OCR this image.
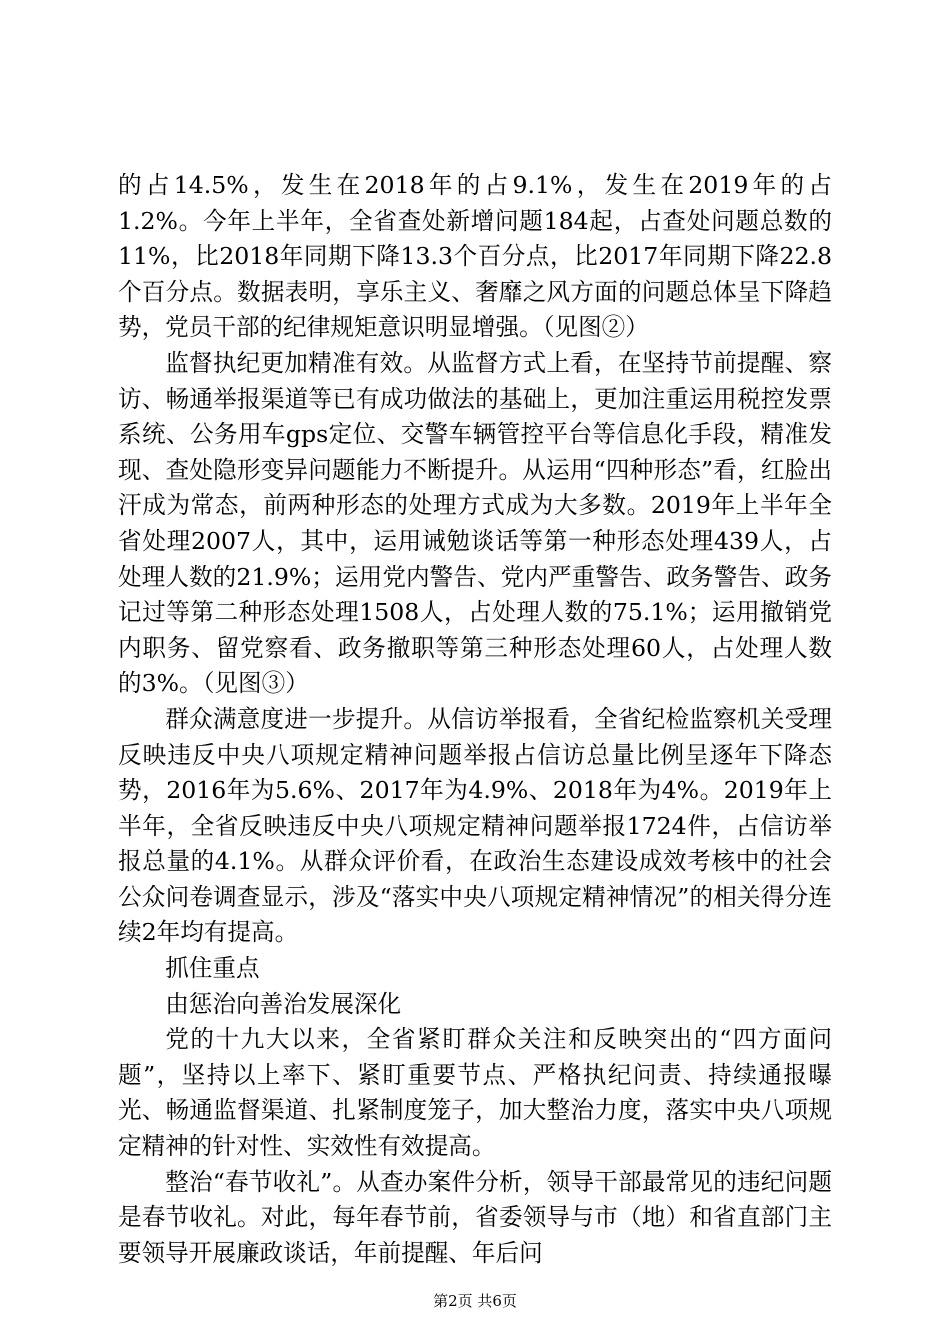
的占14.5%，发生在2018年的占9.1%，发生在2019年的占1.2%。今年上半年，全省查处新增问题184起，占查处问题总数的11%，比2018年同期下降13.3个百分点，比2017年同期下降22.8个百分点。数据表明，享乐主义、奢靡之风方面的问题总体呈下降趋势，党员干部的纪律规矩意识明显增强。（见图②）

监督执纪更加精准有效。从监督方式上看，在坚持节前提醒、察访、畅通举报渠道等已有成功做法的基础上，更加注重运用税控发票系统、公务用车gps定位、交警车辆管控平台等信息化手段，精准发现、查处隐形变异问题能力不断提升。从运用“四种形态”看，红脸出汗成为常态，前两种形态的处理方式成为大多数。2019年上半年全省处理2007人，其中，运用诫勉谈话等第一种形态处理439人，占处理人数的21.9%；运用党内警告、党内严重警告、政务警告、政务记过等第二种形态处理1508人，占处理人数的75.1%；运用撤销党内职务、留党察看、政务撤职等第三种形态处理60人，占处理人数的3%。（见图③）

群众满意度进一步提升。从信访举报看，全省纪检监察机关受理反映违反中央八项规定精神问题举报占信访总量比例呈逐年下降态势，2016年为5.6%、2017年为4.9%、2018年为4%。2019年上半年，全省反映违反中央八项规定精神问题举报1724件，占信访举报总量的4.1%。从群众评价看，在政治生态建设成效考核中的社会公众问卷调查显示，涉及“落实中央八项规定精神情况”的相关得分连续2年均有提高。

抓住重点

由惩治向善治发展深化

党的十九大以来，全省紧盯群众关注和反映突出的“四方面问题”，坚持以上率下、紧盯重要节点、严格执纪问责、持续通报曝光、畅通监督渠道、扎紧制度笼子，加大整治力度，落实中央八项规定精神的针对性、实效性有效提高。

整治“春节收礼”。从查办案件分析，领导干部最常见的违纪问题是春节收礼。对此，每年春节前，省委领导与市（地）和省直部门主要领导开展廉政谈话，年前提醒、年后问

第2页 共6页
